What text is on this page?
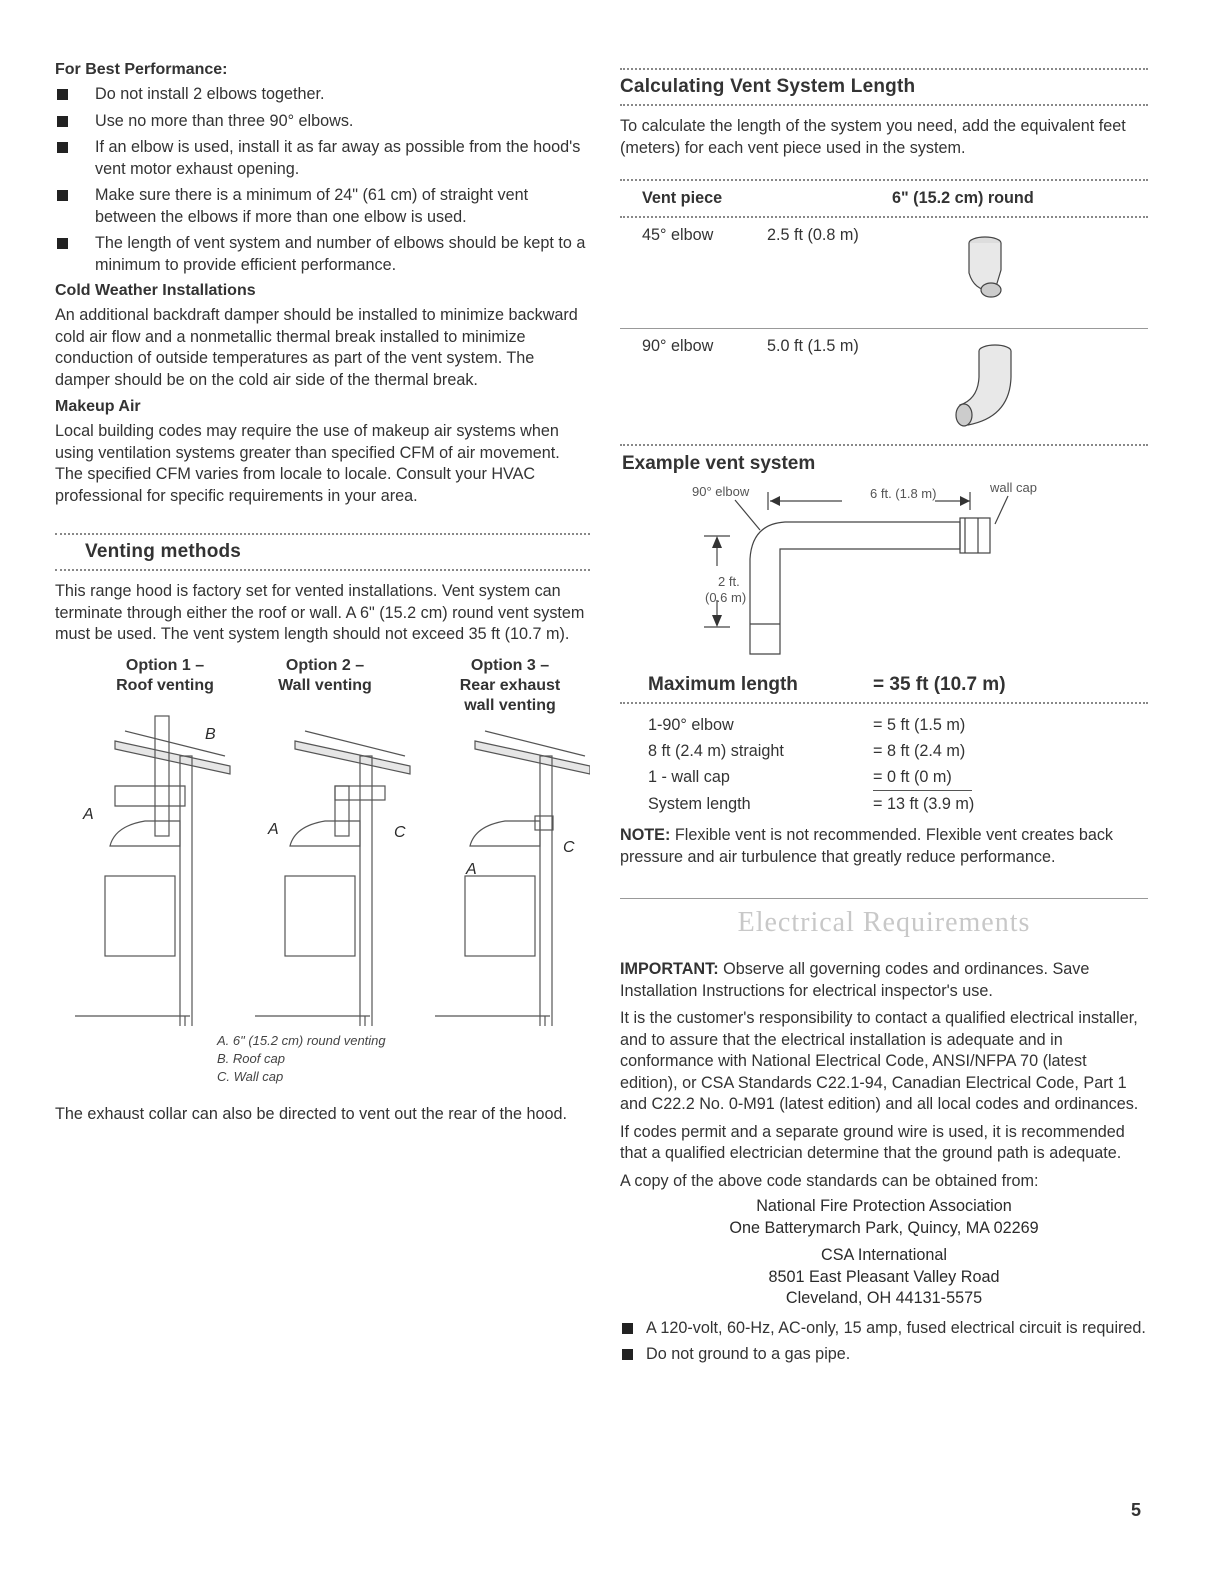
For Best Performance:
Do not install 2 elbows together.
Use no more than three 90° elbows.
If an elbow is used, install it as far away as possible from the hood's vent motor exhaust opening.
Make sure there is a minimum of 24" (61 cm) of straight vent between the elbows if more than one elbow is used.
The length of vent system and number of elbows should be kept to a minimum to provide efficient performance.
Cold Weather Installations

An additional backdraft damper should be installed to minimize backward cold air flow and a nonmetallic thermal break installed to minimize conduction of outside temperatures as part of the vent system. The damper should be on the cold air side of the thermal break.

Makeup Air

Local building codes may require the use of makeup air systems when using ventilation systems greater than specified CFM of air movement. The specified CFM varies from locale to locale. Consult your HVAC professional for specific requirements in your area.

Venting methods

This range hood is factory set for vented installations. Vent system can terminate through either the roof or wall. A 6" (15.2 cm) round vent system must be used. The vent system length should not exceed 35 ft (10.7 m).

Option 1 –
Roof venting
Option 2 –
Wall venting
Option 3 –
Rear exhaust
wall venting
B
A
A	C
A
C
A. 6" (15.2 cm) round venting
B. Roof cap
C. Wall cap

The exhaust collar can also be directed to vent out the rear of the hood.

Calculating Vent System Length

To calculate the length of the system you need, add the equivalent feet (meters) for each vent piece used in the system.

Vent piece	6" (15.2 cm) round
45° elbow	2.5 ft (0.8 m)
90° elbow	5.0 ft (1.5 m)
Example vent system
90° elbow	6 ft. (1.8 m)	wall cap
2 ft.
(0.6 m)
Maximum length	= 35 ft (10.7 m)
1-90° elbow	= 5 ft (1.5 m)
8 ft (2.4 m) straight	= 8 ft (2.4 m)
1 - wall cap	= 0 ft (0 m)
System length	= 13 ft (3.9 m)

NOTE: Flexible vent is not recommended. Flexible vent creates back pressure and air turbulence that greatly reduce performance.

Electrical Requirements

IMPORTANT: Observe all governing codes and ordinances. Save Installation Instructions for electrical inspector's use.

It is the customer's responsibility to contact a qualified electrical installer, and to assure that the electrical installation is adequate and in conformance with National Electrical Code, ANSI/NFPA 70 (latest edition), or CSA Standards C22.1-94, Canadian Electrical Code, Part 1 and C22.2 No. 0-M91 (latest edition) and all local codes and ordinances.

If codes permit and a separate ground wire is used, it is recommended that a qualified electrician determine that the ground path is adequate.

A copy of the above code standards can be obtained from:

National Fire Protection Association
One Batterymarch Park, Quincy, MA 02269
CSA International
8501 East Pleasant Valley Road
Cleveland, OH 44131-5575
A 120-volt, 60-Hz, AC-only, 15 amp, fused electrical circuit is required.
Do not ground to a gas pipe.
5
